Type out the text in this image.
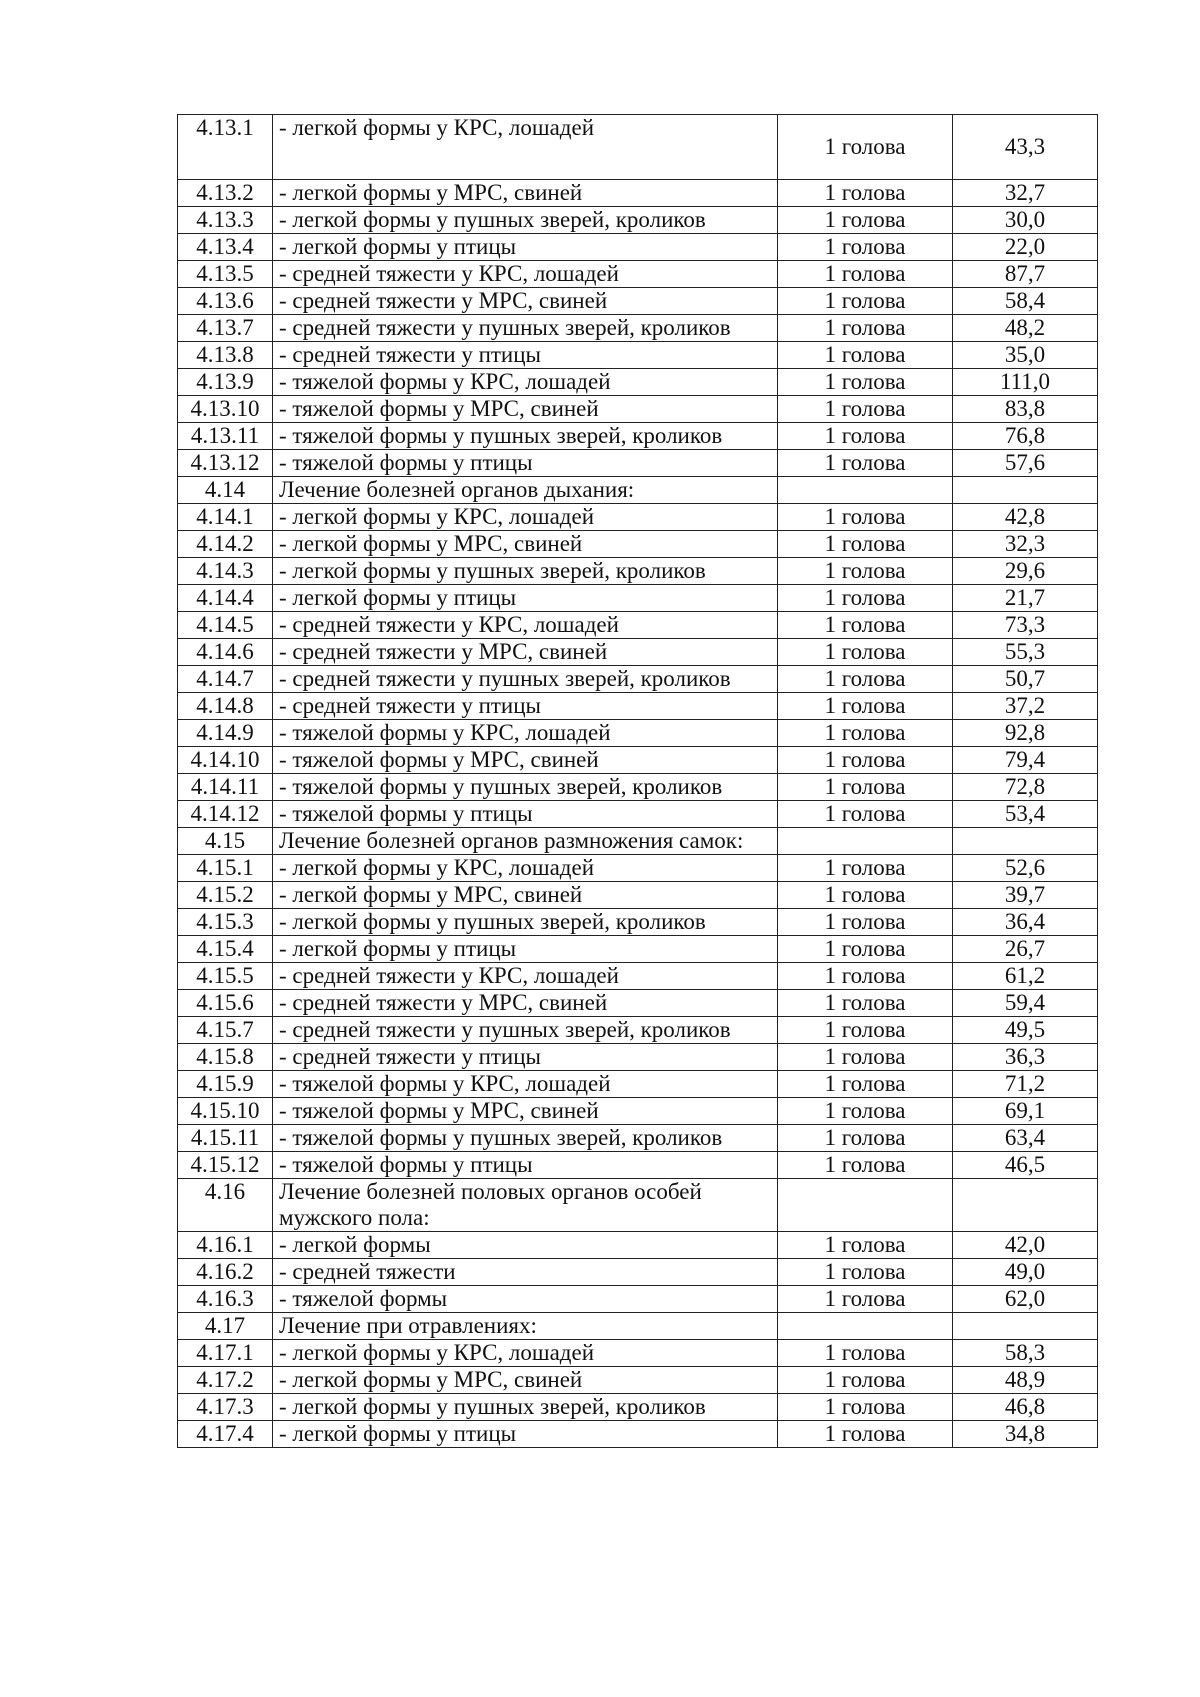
4.13.1	- легкой формы у КРС, лошадей	1 голова	43,3
4.13.2	- легкой формы у МРС, свиней	1 голова	32,7
4.13.3	- легкой формы у пушных зверей, кроликов	1 голова	30,0
4.13.4	- легкой формы у птицы	1 голова	22,0
4.13.5	- средней тяжести у КРС, лошадей	1 голова	87,7
4.13.6	- средней тяжести у МРС, свиней	1 голова	58,4
4.13.7	- средней тяжести у пушных зверей, кроликов	1 голова	48,2
4.13.8	- средней тяжести у птицы	1 голова	35,0
4.13.9	- тяжелой формы у КРС, лошадей	1 голова	111,0
4.13.10	- тяжелой формы у МРС, свиней	1 голова	83,8
4.13.11	- тяжелой формы у пушных зверей, кроликов	1 голова	76,8
4.13.12	- тяжелой формы у птицы	1 голова	57,6
4.14	Лечение болезней органов дыхания:		
4.14.1	- легкой формы у КРС, лошадей	1 голова	42,8
4.14.2	- легкой формы у МРС, свиней	1 голова	32,3
4.14.3	- легкой формы у пушных зверей, кроликов	1 голова	29,6
4.14.4	- легкой формы у птицы	1 голова	21,7
4.14.5	- средней тяжести у КРС, лошадей	1 голова	73,3
4.14.6	- средней тяжести у МРС, свиней	1 голова	55,3
4.14.7	- средней тяжести у пушных зверей, кроликов	1 голова	50,7
4.14.8	- средней тяжести у птицы	1 голова	37,2
4.14.9	- тяжелой формы у КРС, лошадей	1 голова	92,8
4.14.10	- тяжелой формы у МРС, свиней	1 голова	79,4
4.14.11	- тяжелой формы у пушных зверей, кроликов	1 голова	72,8
4.14.12	- тяжелой формы у птицы	1 голова	53,4
4.15	Лечение болезней органов размножения самок:		
4.15.1	- легкой формы у КРС, лошадей	1 голова	52,6
4.15.2	- легкой формы у МРС, свиней	1 голова	39,7
4.15.3	- легкой формы у пушных зверей, кроликов	1 голова	36,4
4.15.4	- легкой формы у птицы	1 голова	26,7
4.15.5	- средней тяжести у КРС, лошадей	1 голова	61,2
4.15.6	- средней тяжести у МРС, свиней	1 голова	59,4
4.15.7	- средней тяжести у пушных зверей, кроликов	1 голова	49,5
4.15.8	- средней тяжести у птицы	1 голова	36,3
4.15.9	- тяжелой формы у КРС, лошадей	1 голова	71,2
4.15.10	- тяжелой формы у МРС, свиней	1 голова	69,1
4.15.11	- тяжелой формы у пушных зверей, кроликов	1 голова	63,4
4.15.12	- тяжелой формы у птицы	1 голова	46,5
4.16	Лечение болезней половых органов особей мужского пола:		
4.16.1	- легкой формы	1 голова	42,0
4.16.2	- средней тяжести	1 голова	49,0
4.16.3	- тяжелой формы	1 голова	62,0
4.17	Лечение при отравлениях:		
4.17.1	- легкой формы у КРС, лошадей	1 голова	58,3
4.17.2	- легкой формы у МРС, свиней	1 голова	48,9
4.17.3	- легкой формы у пушных зверей, кроликов	1 голова	46,8
4.17.4	- легкой формы у птицы	1 голова	34,8
